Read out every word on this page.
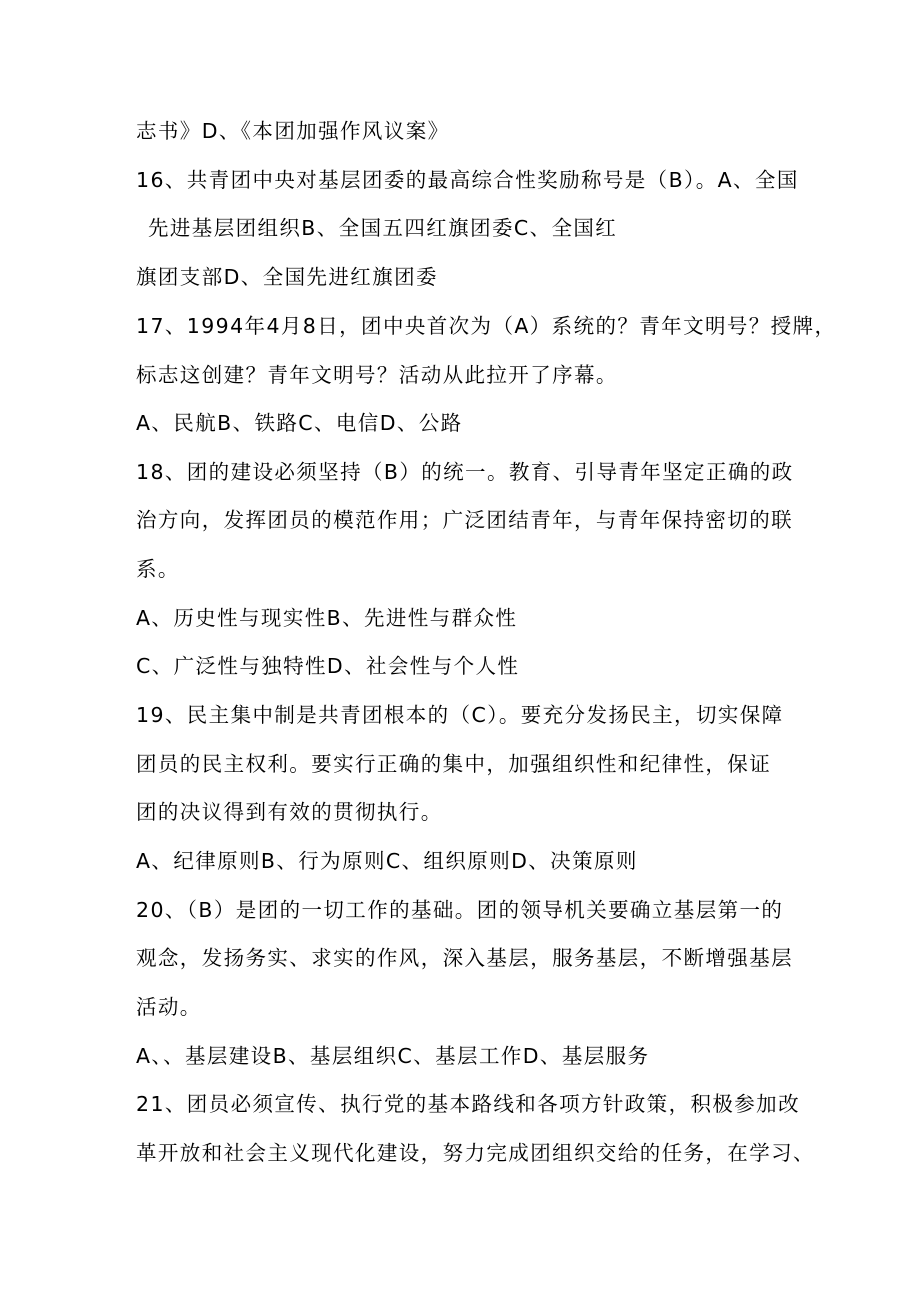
志书》D、《本团加强作风议案》
16、共青团中央对基层团委的最高综合性奖励称号是（B）。A、全国
先进基层团组织B、全国五四红旗团委C、全国红
旗团支部D、全国先进红旗团委
17、1994年4月8日，团中央首次为（A）系统的？青年文明号？授牌，
标志这创建？青年文明号？活动从此拉开了序幕。
A、民航B、铁路C、电信D、公路
18、团的建设必须坚持（B）的统一。教育、引导青年坚定正确的政
治方向，发挥团员的模范作用；广泛团结青年，与青年保持密切的联
系。
A、历史性与现实性B、先进性与群众性
C、广泛性与独特性D、社会性与个人性
19、民主集中制是共青团根本的（C）。要充分发扬民主，切实保障
团员的民主权利。要实行正确的集中，加强组织性和纪律性，保证
团的决议得到有效的贯彻执行。
A、纪律原则B、行为原则C、组织原则D、决策原则
20、（B）是团的一切工作的基础。团的领导机关要确立基层第一的
观念，发扬务实、求实的作风，深入基层，服务基层，不断增强基层
活动。
A、、基层建设B、基层组织C、基层工作D、基层服务
21、团员必须宣传、执行党的基本路线和各项方针政策，积极参加改
革开放和社会主义现代化建设，努力完成团组织交给的任务，在学习、
